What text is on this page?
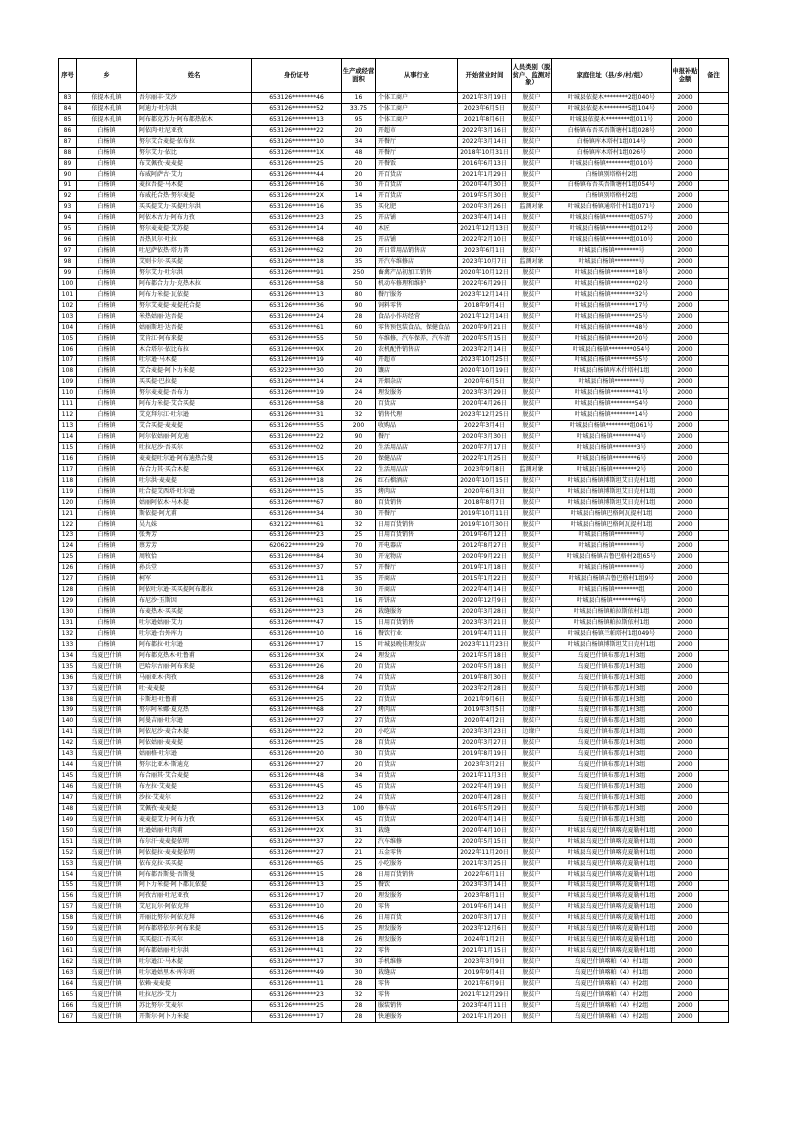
序号	乡	姓名	身份证号	生产或经营面积	从事行业	开始营业时间	人员类别（脱贫户、监测对象）	家庭住址（县/乡/村/组）	申报补贴金额	备注
83	依提木孔镇	吾尔丽丰·艾沙	653126********46	16	个体工商户	2021年3月19日	脱贫户	叶城县依提木********2组040号	2000	
84	依提木孔镇	阿迪力·吐尔洪	653126********52	33.75	个体工商户	2023年6月5日	脱贫户	叶城县依提木********5组104号	2000	
85	依提木孔镇	阿布都克苏力·阿布都热依木	653126********13	95	个体工商户	2021年8月6日	脱贫户	叶城县依提木********组011号	2000	
86	白杨镇	阿依肉·吐尼亚孜	653126********22	20	开超市	2022年3月16日	脱贫户	白杨镇布吾买吾斯塘村1组028号	2000	
87	白杨镇	努尔艾合麦提·依布拉	653126********10	34	开餐厅	2022年3月14日	脱贫户	白杨镇库木塔村1组014号	2000	
88	白杨镇	努尔艾力·依比	653126********1X	48	开餐厅	2018年10月31日	脱贫户	白杨镇库木塔村1组026号	2000	
89	白杨镇	布艾佩孜·麦麦提	653126********25	20	开餐饭	2016年6月13日	脱贫户	叶城县白杨镇********组010号	2000	
90	白杨镇	布威阿萨古·艾力	653126********44	20	开百货店	2021年1月29日	脱贫户	白杨镇别塔格村2组	2000	
91	白杨镇	麦拉吾提·马木提	653126********16	30	开百货店	2020年4月30日	脱贫户	白杨镇布吾买吾斯塘村1组054号	2000	
92	白杨镇	布威托合热·努尔麦提	653126********2X	14	开百货店	2019年5月30日	脱贫户	白杨镇别塔格村2组	2000	
93	白杨镇	买买提艾力·买提吐尔洪	653126********16	35	买化肥	2020年3月26日	监测对象	叶城县白杨镇通塔什村1组071号	2000	
94	白杨镇	阿依木古力·阿布力孜	653126********23	25	开店铺	2023年4月14日	脱贫户	叶城县白杨镇********组057号	2000	
95	白杨镇	努尔麦麦提·艾苏提	653126********14	40	木匠	2021年12月13日	脱贫户	叶城县白杨镇********组012号	2000	
96	白杨镇	吾热贝尔·吐拉	653126********68	25	开店铺	2022年2月10日	脱贫户	叶城县白杨镇********组010号	2000	
97	白杨镇	吐尼萨依热·塔力普	653126********62	20	开日常用品销售店	2023年6月1日	脱贫户	叶城县白杨镇********号	2000	
98	白杨镇	艾则卡尔·买买提	653126********18	35	开汽车维修店	2023年10月7日	监测对象	叶城县白杨镇********号	2000	
99	白杨镇	努尔艾力·吐尔洪	653126********91	250	畜禽产品初加工销售	2020年10月12日	脱贫户	叶城县白杨镇********18号	2000	
100	白杨镇	阿布都合力力·克热木拉	653126********58	50	机动车修理和维护	2022年6月29日	脱贫户	叶城县白杨镇********02号	2000	
101	白杨镇	阿布力米提·瓦依提	653126********13	80	餐厅服务	2023年12月14日	脱贫户	叶城县白杨镇********32号	2000	
102	白杨镇	努尔艾麦提·麦提托合提	653126********36	90	饲料零售	2018年9月4日	脱贫户	叶城县白杨镇********17号	2000	
103	白杨镇	米热姑丽·达吾提	653126********24	28	食品小作坊经营	2021年12月14日	脱贫户	叶城县白杨镇********25号	2000	
104	白杨镇	姑丽斯坦·达吾提	653126********61	60	零售预包装食品，保健食品	2020年9月21日	脱贫户	叶城县白杨镇********48号	2000	
105	白杨镇	艾肯江·阿布来提	653126********55	50	车维修，汽车保养，汽车清	2020年5月15日	脱贫户	叶城县白杨镇********20号	2000	
106	白杨镇	木合塔尔·依比布拉	653126********9X	20	农机配件销售店	2023年2月14日	脱贫户	叶城县白杨镇********054号	2000	
107	白杨镇	吐尔逊·马木提	653126********19	40	开超市	2023年10月25日	脱贫户	叶城县白杨镇********55号	2000	
108	白杨镇	艾合麦提·阿卜力米提	653223********30	20	馕店	2020年10月19日	脱贫户	叶城县白杨镇库木什塔村1组	2000	
109	白杨镇	买买提·巴拉提	653126********14	24	开烟杂店	2020年6月5日	脱贫户	叶城县白杨镇********号	2000	
110	白杨镇	努尔麦麦提·吾布力	653126********19	24	理发服务	2023年3月29日	脱贫户	叶城县白杨镇********41号	2000	
111	白杨镇	阿布力米提·艾合买提	653126********58	20	百货店	2020年4月26日	脱贫户	叶城县白杨镇********54号	2000	
112	白杨镇	艾克拜尔江·吐尔逊	653126********31	32	销售代理	2023年12月25日	脱贫户	叶城县白杨镇********14号	2000	
113	白杨镇	艾合买提·麦麦提	653126********55	200	收购品	2022年3月4日	脱贫户	叶城县白杨镇********组061号	2000	
114	白杨镇	阿尔依姑丽·阿克迪	653126********22	90	餐厅	2020年3月30日	脱贫户	叶城县白杨镇********4号	2000	
115	白杨镇	吐拉尼沙·吾买尔	653126********02	20	生活用品店	2020年7月17日	脱贫户	叶城县白杨镇********3号	2000	
116	白杨镇	麦麦提吐尔逊·阿布迪热合曼	653126********15	20	保健品店	2022年1月25日	脱贫户	叶城县白杨镇********6号	2000	
117	白杨镇	布合力其·买合木提	653126********6X	22	生活用品店	2023年9月8日	监测对象	叶城县白杨镇********2号	2000	
118	白杨镇	吐尔洪·麦麦提	653126********18	26	红石榴酒店	2020年10月15日	脱贫户	叶城县白杨镇博斯坦艾日克村1组	2000	
119	白杨镇	吐合提艾西塔·吐尔逊	653126********15	35	烤肉店	2020年6月3日	脱贫户	叶城县白杨镇博斯坦艾日克村1组	2000	
120	白杨镇	姑丽阿依木·马木提	653126********67	80	百货销售	2018年8月7日	脱贫户	叶城县白杨镇博斯坦艾日克村1组	2000	
121	白杨镇	斯依提·阿尤甫	653126********34	30	开餐厅	2019年10月11日	脱贫户	叶城县白杨镇巴格阿瓦提村1组	2000	
122	白杨镇	吴九妹	632122********61	32	日用百货销售	2019年10月30日	脱贫户	叶城县白杨镇巴格阿瓦提村1组	2000	
123	白杨镇	张秀芳	653126********23	25	日用百货销售	2019年6月12日	脱贫户	叶城县白杨镇********号	2000	
124	白杨镇	蔡芳芳	620622********29	70	开电器店	2012年8月27日	脱贫户	叶城县白杨镇********号	2000	
125	白杨镇	周牧恰	653126********84	30	开宠物店	2020年9月22日	脱贫户	叶城县白杨镇吉鲁巴格村2组65号	2000	
126	白杨镇	孙兵堂	653126********37	57	开餐厅	2019年1月18日	脱贫户	叶城县白杨镇********号	2000	
127	白杨镇	柯军	653126********11	35	开商店	2015年1月22日	脱贫户	叶城县白杨镇吉鲁巴格村1组9号	2000	
128	白杨镇	阿依吐尔逊·买买提阿布都拉	653126********28	30	开商店	2022年4月14日	脱贫户	叶城县白杨镇********组	2000	
129	白杨镇	布尼沙·玉斯因	653126********61	16	开饼店	2020年12月9日	脱贫户	叶城县白杨镇********6号	2000	
130	白杨镇	布麦热木·买买提	653126********23	26	栽缝服务	2020年3月28日	脱贫户	叶城县白杨镇帕拉斯依村1组	2000	
131	白杨镇	吐尔逊姑丽·艾力	653126********47	15	日用百货销售	2023年3月21日	脱贫户	叶城县白杨镇帕拉斯依村1组	2000	
132	白杨镇	吐尔逊·台外库力	653126********10	16	餐饮行业	2019年4月11日	脱贫户	叶城县白杨镇兰帕塔村1组049号	2000	
133	白杨镇	阿布都拉·吐尔逊	653126********17	15	叶城县晚佳理发店	2023年11月23日	脱贫户	叶城县白杨镇博斯坦艾日克村1组	2000	
134	乌夏巴什镇	阿布都克热木·吐鲁甫	653126********3X	24	理发店	2021年5月18日	脱贫户	乌夏巴什镇布那克1村3组	2000	
135	乌夏巴什镇	巴哈尔古丽·阿布来提	653126********26	20	百货店	2020年5月18日	脱贫户	乌夏巴什镇布那克1村3组	2000	
136	乌夏巴什镇	马丽亚木·肉孜	653126********28	74	百货店	2019年8月30日	脱贫户	乌夏巴什镇布那克1村3组	2000	
137	乌夏巴什镇	吐·麦麦提	653126********64	20	百货店	2023年2月28日	脱贫户	乌夏巴什镇布那克1村3组	2000	
138	乌夏巴什镇	卡斯坦·吐鲁甫	653126********25	22	百货店	2021年9月6日	脱贫户	乌夏巴什镇布那克1村3组	2000	
139	乌夏巴什镇	努尔阿米娜·夏克热	653126********68	27	烤肉店	2019年3月5日	边缘户	乌夏巴什镇布那克1村3组	2000	
140	乌夏巴什镇	阿曼吉丽·吐尔逊	653126********27	27	百货店	2020年4月2日	脱贫户	乌夏巴什镇布那克1村3组	2000	
141	乌夏巴什镇	阿依尼沙·麦合木提	653126********22	20	小吃店	2023年3月23日	边缘户	乌夏巴什镇布那克1村3组	2000	
142	乌夏巴什镇	阿依姑丽·麦麦提	653126********25	28	百货店	2020年3月27日	脱贫户	乌夏巴什镇布那克1村3组	2000	
143	乌夏巴什镇	姑丽格·吐尔逊	653126********20	30	百货店	2019年8月19日	脱贫户	乌夏巴什镇布那克1村3组	2000	
144	乌夏巴什镇	努尔比亚木·斯迪克	653126********27	20	百货店	2023年3月2日	脱贫户	乌夏巴什镇布那克1村3组	2000	
145	乌夏巴什镇	布合丽其·艾合麦提	653126********48	34	百货店	2021年11月3日	脱贫户	乌夏巴什镇布那克1村3组	2000	
146	乌夏巴什镇	布左拉·艾麦提	653126********45	45	百货店	2022年4月19日	脱贫户	乌夏巴什镇布那克1村3组	2000	
147	乌夏巴什镇	沙拉·艾麦尔	653126********22	24	百货店	2020年4月28日	脱贫户	乌夏巴什镇布那克1村3组	2000	
148	乌夏巴什镇	艾佩孜·麦麦提	653126********13	100	修车店	2016年5月29日	脱贫户	乌夏巴什镇布那克1村3组	2000	
149	乌夏巴什镇	麦麦提艾力·阿布力孜	653126********5X	45	百货店	2020年4月14日	脱贫户	乌夏巴什镇布那克1村3组	2000	
150	乌夏巴什镇	吐逊姑丽·吐肉甫	653126********2X	31	栽缝	2020年4月10日	脱贫户	叶城县乌夏巴什镇喀克夏勒村1组	2000	
151	乌夏巴什镇	布尔汗·麦麦提依明	653126********37	22	汽车维修	2020年5月15日	脱贫户	叶城县乌夏巴什镇喀克夏勒村1组	2000	
152	乌夏巴什镇	阿依提拉·麦麦提依明	653126********27	21	五金零售	2022年11月20日	脱贫户	叶城县乌夏巴什镇喀克夏勒村1组	2000	
153	乌夏巴什镇	依布克拉·买买提	653126********65	25	小吃服务	2021年3月25日	脱贫户	叶城县乌夏巴什镇喀克夏勒村1组	2000	
154	乌夏巴什镇	阿布都吾斯曼·吾斯曼	653126********15	28	日用百货销售	2022年6月1日	脱贫户	叶城县乌夏巴什镇喀克夏勒村1组	2000	
155	乌夏巴什镇	阿卜力米提·阿卜都瓦依提	653126********13	25	餐饮	2023年3月14日	脱贫户	叶城县乌夏巴什镇喀克夏勒村1组	2000	
156	乌夏巴什镇	阿孜古丽·吐尼亚孜	653126********17	20	理发服务	2023年8月1日	脱贫户	叶城县乌夏巴什镇喀克夏勒村1组	2000	
157	乌夏巴什镇	艾尼瓦尔·阿依克拜	653126********10	20	零售	2019年6月14日	脱贫户	叶城县乌夏巴什镇喀克夏勒村1组	2000	
158	乌夏巴什镇	开丽比努尔·阿依克拜	653126********46	26	日用百货	2020年3月17日	脱贫户	叶城县乌夏巴什镇喀克夏勒村1组	2000	
159	乌夏巴什镇	阿布都塔依尔·阿布来提	653126********15	25	理发服务	2023年12月6日	脱贫户	叶城县乌夏巴什镇喀克夏勒村1组	2000	
160	乌夏巴什镇	买买提江·吾买尔	653126********18	26	理发服务	2024年1月2日	脱贫户	叶城县乌夏巴什镇喀克夏勒村1组	2000	
161	乌夏巴什镇	阿布都姑丽·吐尔洪	653126********41	22	零售	2021年1月15日	脱贫户	叶城县乌夏巴什镇喀克夏勒村1组	2000	
162	乌夏巴什镇	吐尔逊江·马木提	653126********17	30	手机维修	2023年3月9日	脱贫户	乌夏巴什镇喀帕（4）村1组	2000	
163	乌夏巴什镇	吐尔逊姑里木·库尔班	653126********49	30	栽缝店	2019年9月4日	脱贫户	乌夏巴什镇喀帕（4）村1组	2000	
164	乌夏巴什镇	依赖·麦麦提	653126********11	28	零售	2021年6月9日	脱贫户	乌夏巴什镇喀帕（4）村2组	2000	
165	乌夏巴什镇	吐拉尼沙·艾力	653126********23	32	零售	2021年12月29日	脱贫户	乌夏巴什镇喀帕（4）村2组	2000	
166	乌夏巴什镇	苏比努尔·艾麦尔	653126********25	28	服装销售	2023年4月11日	脱贫户	乌夏巴什镇喀帕（4）村2组	2000	
167	乌夏巴什镇	开斯尔·阿卜力米提	653126********17	28	快递服务	2021年1月20日	脱贫户	乌夏巴什镇喀帕（4）村2组	2000	
